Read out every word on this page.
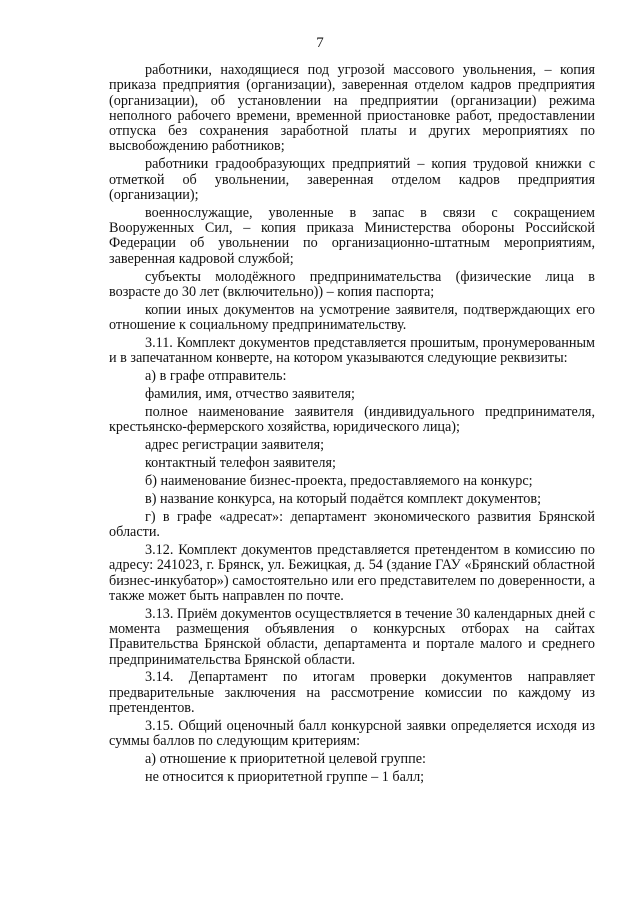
7

работники, находящиеся под угрозой массового увольнения, – копия приказа предприятия (организации), заверенная отделом кадров предприятия (организации), об установлении на предприятии (организации) режима неполного рабочего времени, временной приостановке работ, предоставлении отпуска без сохранения заработной платы и других мероприятиях по высвобождению работников;

работники градообразующих предприятий – копия трудовой книжки с отметкой об увольнении, заверенная отделом кадров предприятия (организации);

военнослужащие, уволенные в запас в связи с сокращением Вооруженных Сил, – копия приказа Министерства обороны Российской Федерации об увольнении по организационно-штатным мероприятиям, заверенная кадровой службой;

субъекты молодёжного предпринимательства (физические лица в возрасте до 30 лет (включительно)) – копия паспорта;

копии иных документов на усмотрение заявителя, подтверждающих его отношение к социальному предпринимательству.

3.11. Комплект документов представляется прошитым, пронумерованным и в запечатанном конверте, на котором указываются следующие реквизиты:

а) в графе отправитель:

фамилия, имя, отчество заявителя;

полное наименование заявителя (индивидуального предпринимателя, крестьянско-фермерского хозяйства, юридического лица);

адрес регистрации заявителя;

контактный телефон заявителя;

б) наименование бизнес-проекта, предоставляемого на конкурс;

в) название конкурса, на который подаётся комплект документов;

г) в графе «адресат»: департамент экономического развития Брянской области.

3.12. Комплект документов представляется претендентом в комиссию по адресу: 241023, г. Брянск, ул. Бежицкая, д. 54 (здание ГАУ «Брянский областной бизнес-инкубатор») самостоятельно или его представителем по доверенности, а также может быть направлен по почте.

3.13. Приём документов осуществляется в течение 30 календарных дней с момента размещения объявления о конкурсных отборах на сайтах Правительства Брянской области, департамента и портале малого и среднего предпринимательства Брянской области.

3.14. Департамент по итогам проверки документов направляет предварительные заключения на рассмотрение комиссии по каждому из претендентов.

3.15. Общий оценочный балл конкурсной заявки определяется исходя из суммы баллов по следующим критериям:

а) отношение к приоритетной целевой группе:

не относится к приоритетной группе – 1 балл;
